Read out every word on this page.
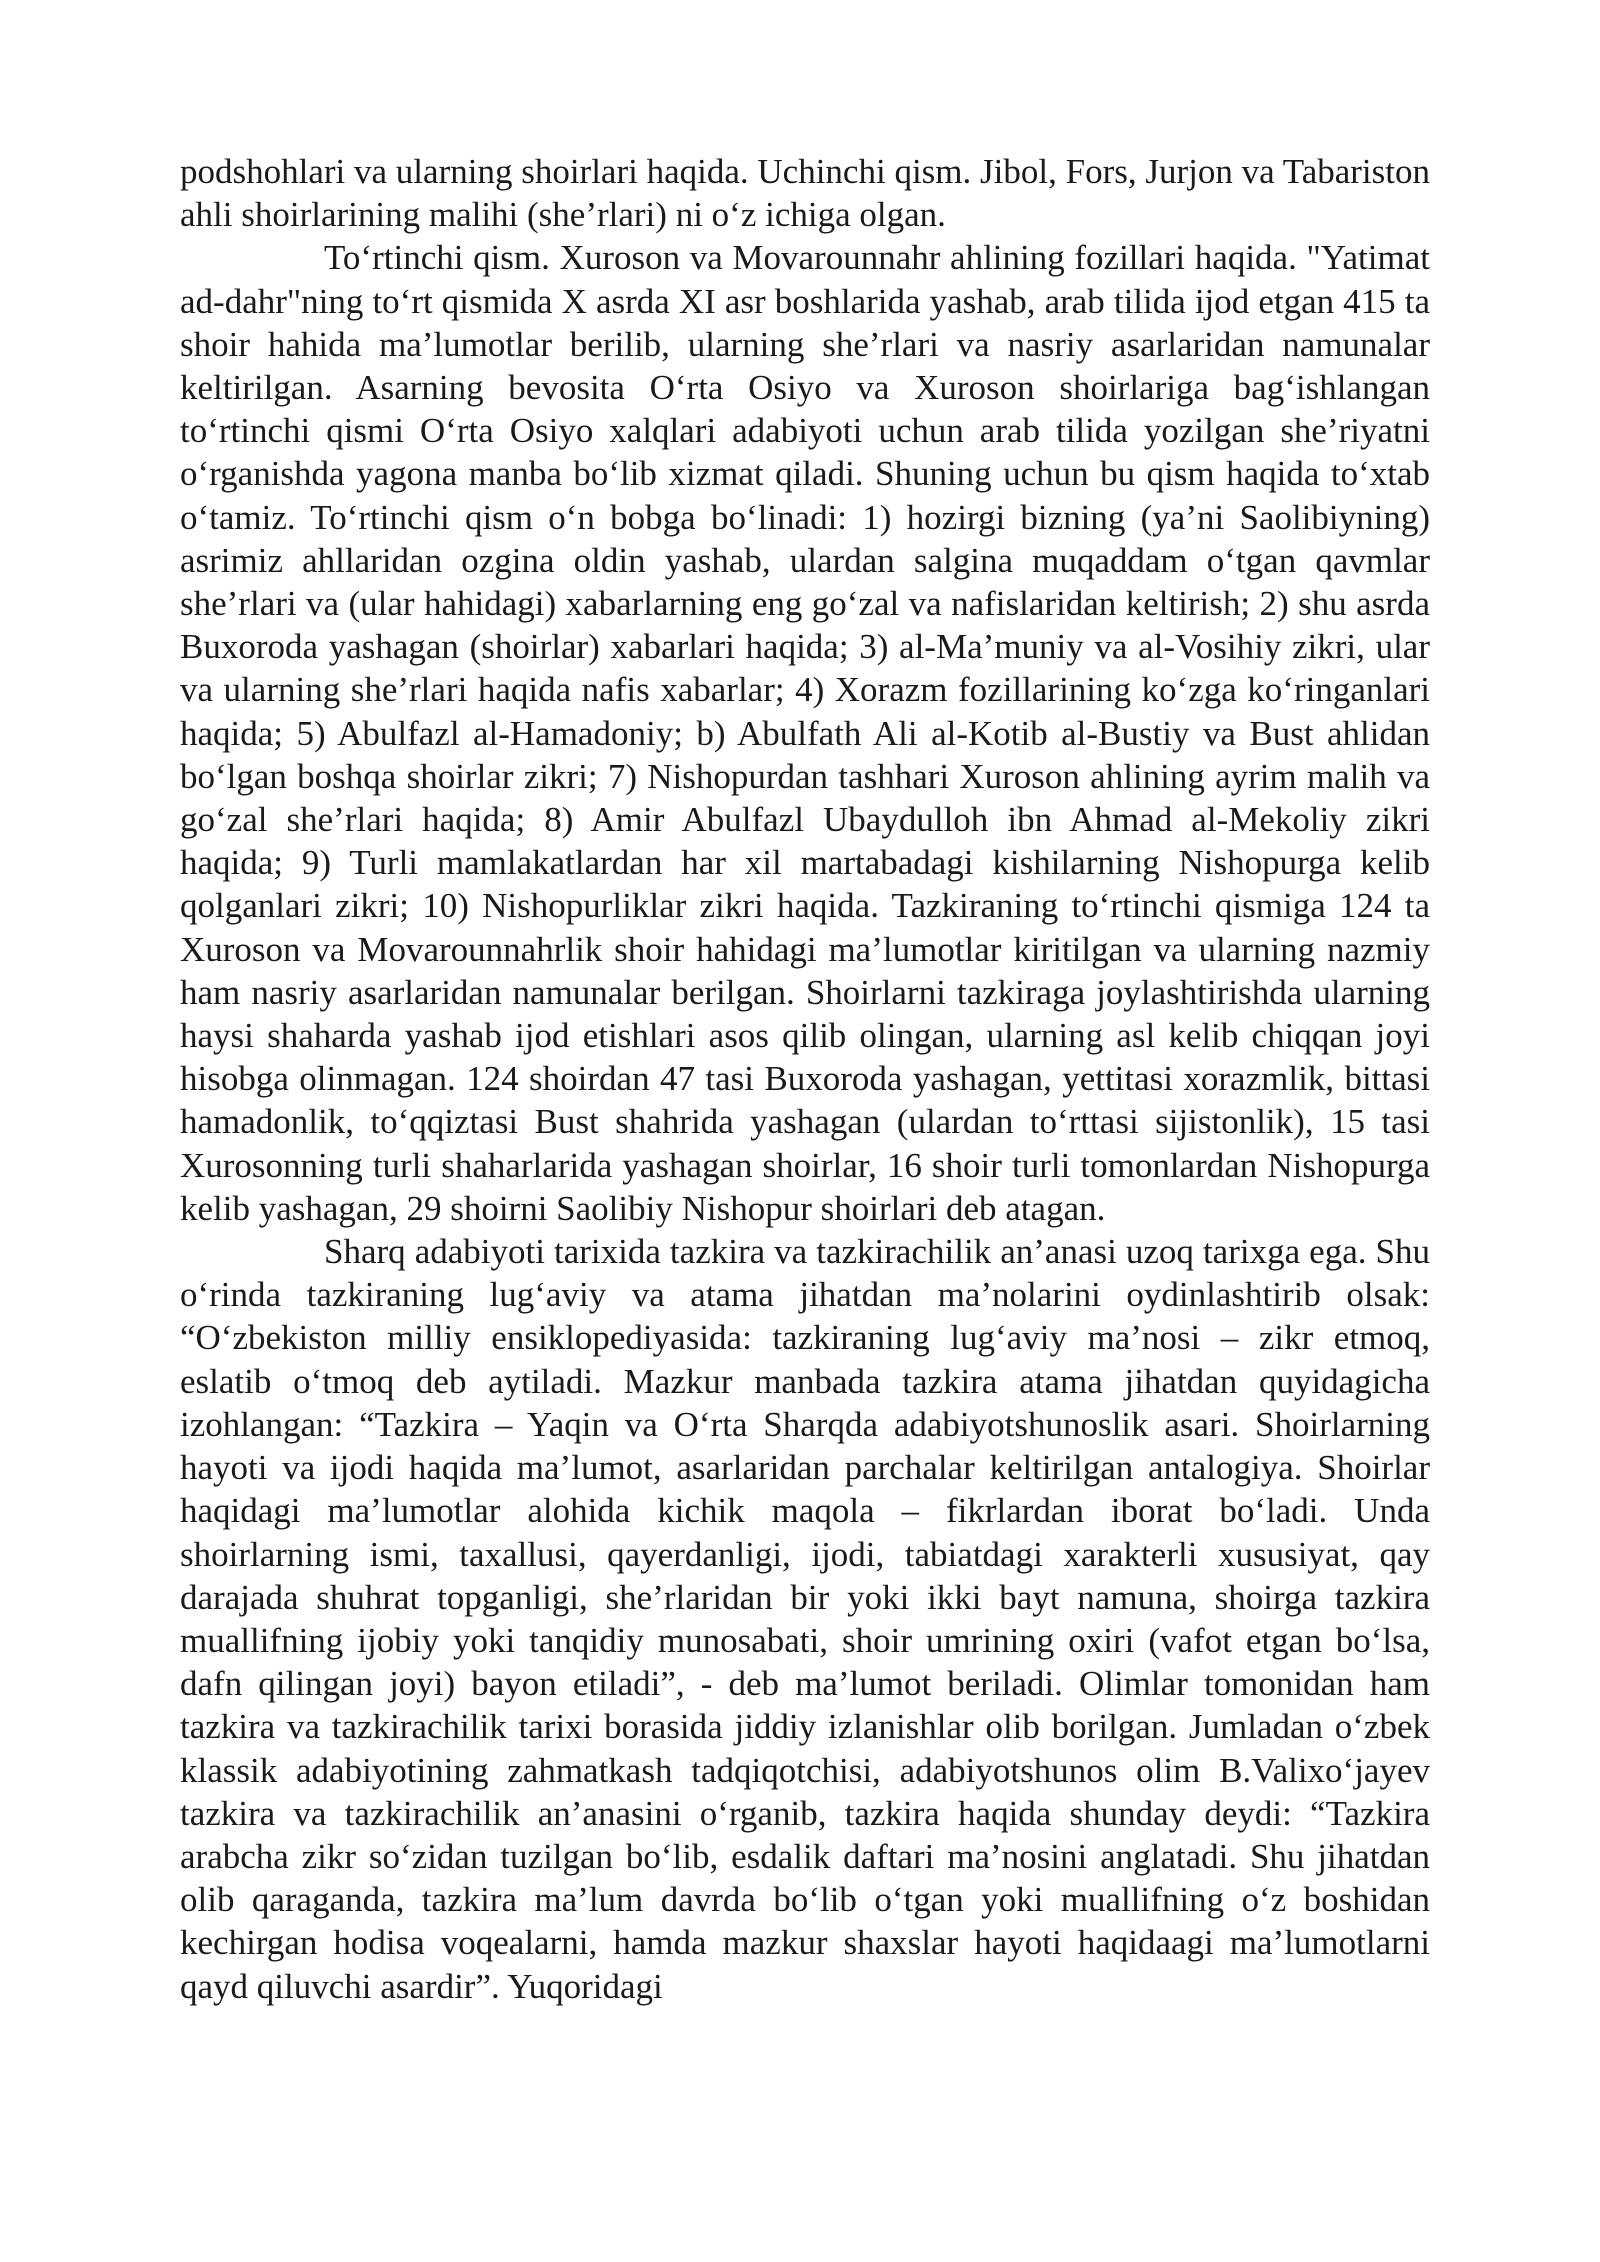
podshohlari va ularning shoirlari haqida. Uchinchi qism. Jibol, Fors, Jurjon va Tabariston ahli shoirlarining malihi (she’rlari) ni o‘z ichiga olgan.

To‘rtinchi qism. Xuroson va Movarounnahr ahlining fozillari haqida. "Yatimat ad-dahr"ning to‘rt qismida X asrda XI asr boshlarida yashab, arab tilida ijod etgan 415 ta shoir hahida ma’lumotlar berilib, ularning she’rlari va nasriy asarlaridan namunalar keltirilgan. Asarning bevosita O‘rta Osiyo va Xuroson shoirlariga bag‘ishlangan to‘rtinchi qismi O‘rta Osiyo xalqlari adabiyoti uchun arab tilida yozilgan she’riyatni o‘rganishda yagona manba bo‘lib xizmat qiladi. Shuning uchun bu qism haqida to‘xtab o‘tamiz. To‘rtinchi qism o‘n bobga bo‘linadi: 1) hozirgi bizning (ya’ni Saolibiyning) asrimiz ahllaridan ozgina oldin yashab, ulardan salgina muqaddam o‘tgan qavmlar she’rlari va (ular hahidagi) xabarlarning eng go‘zal va nafislaridan keltirish; 2) shu asrda Buxoroda yashagan (shoirlar) xabarlari haqida; 3) al-Ma’muniy va al-Vosihiy zikri, ular va ularning she’rlari haqida nafis xabarlar; 4) Xorazm fozillarining ko‘zga ko‘ringanlari haqida; 5) Abulfazl al-Hamadoniy; b) Abulfath Ali al-Kotib al-Bustiy va Bust ahlidan bo‘lgan boshqa shoirlar zikri; 7) Nishopurdan tashhari Xuroson ahlining ayrim malih va go‘zal she’rlari haqida; 8) Amir Abulfazl Ubaydulloh ibn Ahmad al-Mekoliy zikri haqida; 9) Turli mamlakatlardan har xil martabadagi kishilarning Nishopurga kelib qolganlari zikri; 10) Nishopurliklar zikri haqida. Tazkiraning to‘rtinchi qismiga 124 ta Xuroson va Movarounnahrlik shoir hahidagi ma’lumotlar kiritilgan va ularning nazmiy ham nasriy asarlaridan namunalar berilgan. Shoirlarni tazkiraga joylashtirishda ularning haysi shaharda yashab ijod etishlari asos qilib olingan, ularning asl kelib chiqqan joyi hisobga olinmagan. 124 shoirdan 47 tasi Buxoroda yashagan, yettitasi xorazmlik, bittasi hamadonlik, to‘qqiztasi Bust shahrida yashagan (ulardan to‘rttasi sijistonlik), 15 tasi Xurosonning turli shaharlarida yashagan shoirlar, 16 shoir turli tomonlardan Nishopurga kelib yashagan, 29 shoirni Saolibiy Nishopur shoirlari deb atagan.

Sharq adabiyoti tarixida tazkira va tazkirachilik an’anasi uzoq tarixga ega. Shu o‘rinda tazkiraning lug‘aviy va atama jihatdan ma’nolarini oydinlashtirib olsak: “O‘zbekiston milliy ensiklopediyasida: tazkiraning lug‘aviy ma’nosi – zikr etmoq, eslatib o‘tmoq deb aytiladi. Mazkur manbada tazkira atama jihatdan quyidagicha izohlangan: “Tazkira – Yaqin va O‘rta Sharqda adabiyotshunoslik asari. Shoirlarning hayoti va ijodi haqida ma’lumot, asarlaridan parchalar keltirilgan antalogiya. Shoirlar haqidagi ma’lumotlar alohida kichik maqola – fikrlardan iborat bo‘ladi. Unda shoirlarning ismi, taxallusi, qayerdanligi, ijodi, tabiatdagi xarakterli xususiyat, qay darajada shuhrat topganligi, she’rlaridan bir yoki ikki bayt namuna, shoirga tazkira muallifning ijobiy yoki tanqidiy munosabati, shoir umrining oxiri (vafot etgan bo‘lsa, dafn qilingan joyi) bayon etiladi”, - deb ma’lumot beriladi. Olimlar tomonidan ham tazkira va tazkirachilik tarixi borasida jiddiy izlanishlar olib borilgan. Jumladan o‘zbek klassik adabiyotining zahmatkash tadqiqotchisi, adabiyotshunos olim B.Valixo‘jayev tazkira va tazkirachilik an’anasini o‘rganib, tazkira haqida shunday deydi: “Tazkira arabcha zikr so‘zidan tuzilgan bo‘lib, esdalik daftari ma’nosini anglatadi. Shu jihatdan olib qaraganda, tazkira ma’lum davrda bo‘lib o‘tgan yoki muallifning o‘z boshidan kechirgan hodisa voqealarni, hamda mazkur shaxslar hayoti haqidaagi ma’lumotlarni qayd qiluvchi asardir”. Yuqoridagi
